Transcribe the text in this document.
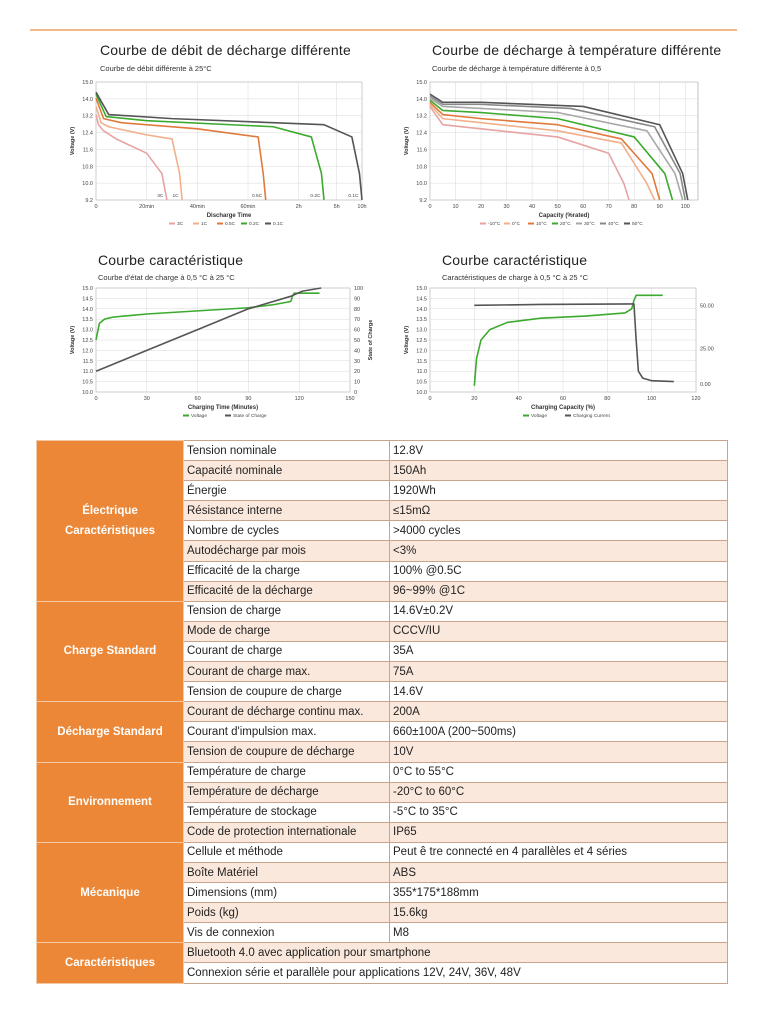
Courbe de débit de décharge différente
Courbe de débit différente à 25°C
9.2
10.0
10.8
11.6
12.4
13.2
14.0
15.0
0	20min	40min	60min	2h	5h	10h
Voltage (V)
Discharge Time
3C 1C	0.5C	0.2C	0.1C
3C	1C	0.5C	0.2C	0.1C
Courbe de décharge à température différente
Courbe de décharge à température différente à 0,5
9.2
10.0
10.8
11.6
12.4
13.2
14.0
15.0
0	10	20	30	40	50	60	70	80	90	100
Voltage (V)
Capacity (%rated)
-10°C 0°C	10°C	20°C	30°C	40°C	50°C
Courbe caractéristique
Courbe d'état de charge à 0,5 °C à 25 °C
10.0
10.5
11.0
11.5
12.0
12.5
13.0
13.5
14.0
14.5
15.0
0	30	60	90	120	150
0
10
20
30
40
50
60
70
80
90
100
Voltage (V)	State of Charge
Charging Time (Minutes)
Voltage	State of Charge
Courbe caractéristique
Caractéristiques de charge à 0,5 °C à 25 °C
10.0
10.5
11.0
11.5
12.0
12.5
13.0
13.5
14.0
14.5
15.0
0	20	40	60	80	100	120
0.00
25.00
50.00
Voltage (V)
Charging Capacity (%)
Voltage	Charging Current
Électrique
Caractéristiques	Tension nominale	12.8V
	Capacité nominale	150Ah
	Énergie	1920Wh
	Résistance interne	≤15mΩ
	Nombre de cycles	>4000 cycles
	Autodécharge par mois	<3%
	Efficacité de la charge	100% @0.5C
	Efficacité de la décharge	96~99% @1C
Charge Standard	Tension de charge	14.6V±0.2V
	Mode de charge	CCCV/IU
	Courant de charge	35A
	Courant de charge max.	75A
	Tension de coupure de charge	14.6V
Décharge Standard	Courant de décharge continu max.	200A
	Courant d'impulsion max.	660±100A (200~500ms)
	Tension de coupure de décharge	10V
Environnement	Température de charge	0°C to 55°C
	Température de décharge	-20°C to 60°C
	Température de stockage	-5°C to 35°C
	Code de protection internationale	IP65
Mécanique	Cellule et méthode	Peut ê tre connecté en 4 parallèles et 4 séries
	Boîte Matériel	ABS
	Dimensions (mm)	355*175*188mm
	Poids (kg)	15.6kg
	Vis de connexion	M8
Caractéristiques	Bluetooth 4.0 avec application pour smartphone	
	Connexion série et parallèle pour applications 12V, 24V, 36V, 48V	
